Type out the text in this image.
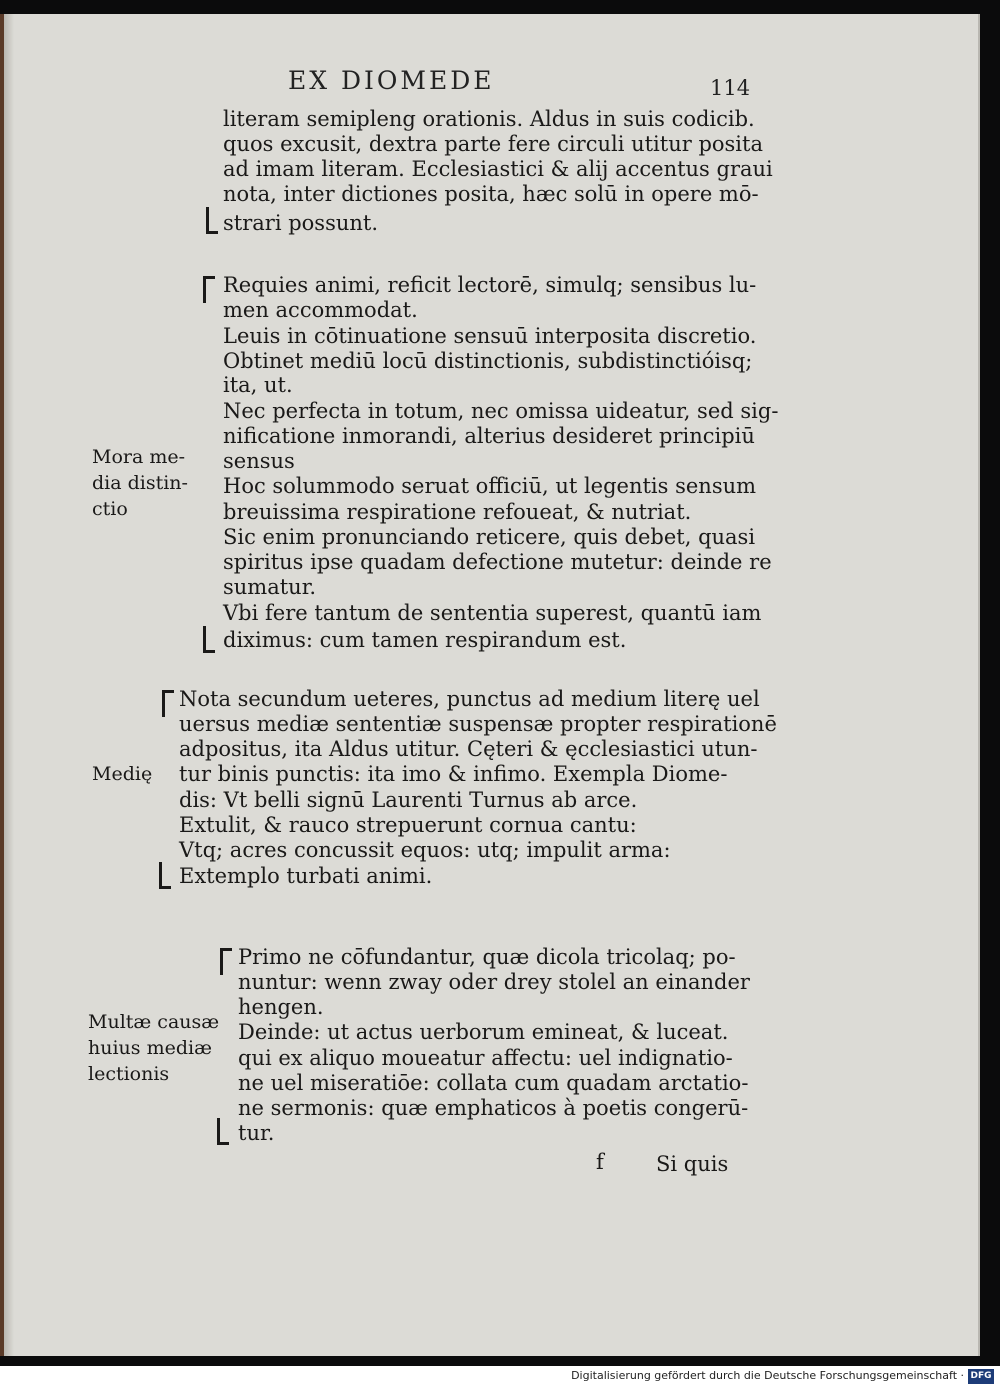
EX DIOMEDE	114
literam semipleng orationis. Aldus in suis codicib.
quos excusit, dextra parte fere circuli utitur posita
ad imam literam. Ecclesiastici & alij accentus graui
nota, inter dictiones posita, hæc solū in opere mō-
strari possunt.
Requies animi, reficit lectorē, simulq; sensibus lu-
men accommodat.
Leuis in cōtinuatione sensuū interposita discretio.
Obtinet mediū locū distinctionis, subdistinctióisq;
ita, ut.
Nec perfecta in totum, nec omissa uideatur, sed sig-
nificatione inmorandi, alterius desideret principiū
sensus
Hoc solummodo seruat officiū, ut legentis sensum
breuissima respiratione refoueat, & nutriat.
Sic enim pronunciando reticere, quis debet, quasi
spiritus ipse quadam defectione mutetur: deinde re
sumatur.
Vbi fere tantum de sententia superest, quantū iam
diximus: cum tamen respirandum est.
Mora me-
dia distin-
ctio
Nota secundum ueteres, punctus ad medium literę uel
uersus mediæ sententiæ suspensæ propter respirationē
adpositus, ita Aldus utitur. Cęteri & ęcclesiastici utun-
tur binis punctis: ita imo & infimo. Exempla Diome-
dis: Vt belli signū Laurenti Turnus ab arce.
Extulit, & rauco strepuerunt cornua cantu:
Vtq; acres concussit equos: utq; impulit arma:
Extemplo turbati animi.
Medię
Primo ne cōfundantur, quæ dicola tricolaq; po-
nuntur: wenn zway oder drey stolel an einander
hengen.
Deinde: ut actus uerborum emineat, & luceat.
qui ex aliquo moueatur affectu: uel indignatio-
ne uel miseratiōe: collata cum quadam arctatio-
ne sermonis: quæ emphaticos à poetis congerū-
tur.
Multæ causæ
huius mediæ
lectionis
f Si quis
Digitalisierung gefördert durch die Deutsche Forschungsgemeinschaft · DFG
